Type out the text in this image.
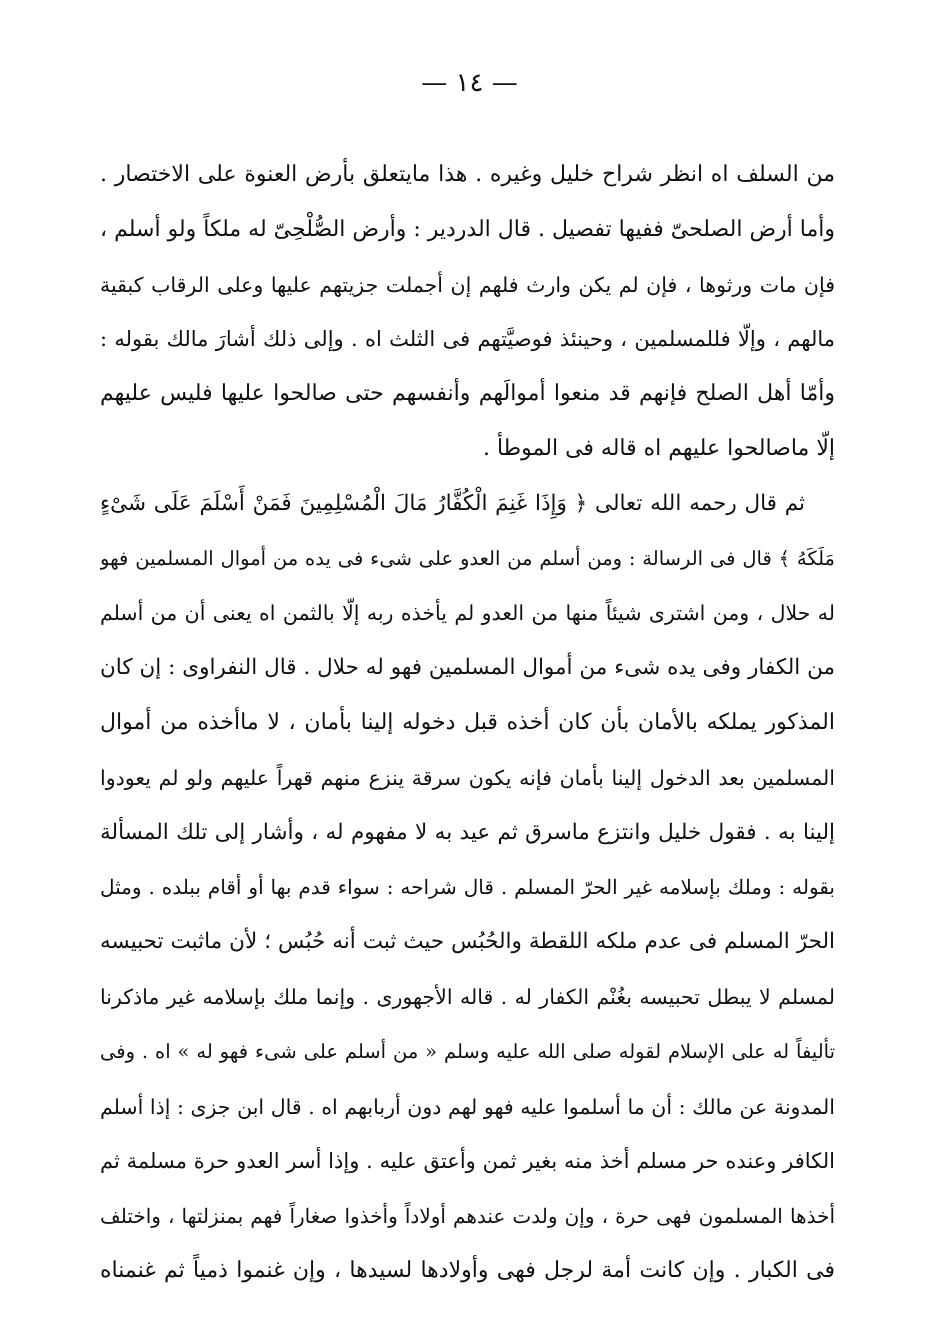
— ١٤ —
من السلف اه انظر شراح خليل وغيره . هذا مايتعلق بأرض العنوة على الاختصار .
وأما أرض الصلحىّ ففيها تفصيل . قال الدردير : وأرض الصُّلْحِىّ له ملكاً ولو أسلم ،
فإن مات ورثوها ، فإن لم يكن وارث فلهم إن أجملت جزيتهم عليها وعلى الرقاب كبقية
مالهم ، وإلّا فللمسلمين ، وحينئذ فوصيَّتهم فى الثلث اه . وإلى ذلك أشارَ مالك بقوله :
وأمّا أهل الصلح فإنهم قد منعوا أموالَهم وأنفسهم حتى صالحوا عليها فليس عليهم
إلّا ماصالحوا عليهم اه قاله فى الموطأ .
ثم قال رحمه الله تعالى ﴿ وَإِذَا غَنِمَ الْكُفَّارُ مَالَ الْمُسْلِمِينَ فَمَنْ أَسْلَمَ عَلَى شَىْءٍ
مَلَكَهُ ﴾ قال فى الرسالة : ومن أسلم من العدو على شىء فى يده من أموال المسلمين فهو
له حلال ، ومن اشترى شيئاً منها من العدو لم يأخذه ربه إلّا بالثمن اه يعنى أن من أسلم
من الكفار وفى يده شىء من أموال المسلمين فهو له حلال . قال النفراوى : إن كان
المذكور يملكه بالأمان بأن كان أخذه قبل دخوله إلينا بأمان ، لا ماأخذه من أموال
المسلمين بعد الدخول إلينا بأمان فإنه يكون سرقة ينزع منهم قهراً عليهم ولو لم يعودوا
إلينا به . فقول خليل وانتزع ماسرق ثم عيد به لا مفهوم له ، وأشار إلى تلك المسألة
بقوله : وملك بإسلامه غير الحرّ المسلم . قال شراحه : سواء قدم بها أو أقام ببلده . ومثل
الحرّ المسلم فى عدم ملكه اللقطة والحُبُس حيث ثبت أنه حُبُس ؛ لأن ماثبت تحبيسه
لمسلم لا يبطل تحبيسه بغُنْم الكفار له . قاله الأجهورى . وإنما ملك بإسلامه غير ماذكرنا
تأليفاً له على الإسلام لقوله صلى الله عليه وسلم « من أسلم على شىء فهو له » اه . وفى
المدونة عن مالك : أن ما أسلموا عليه فهو لهم دون أربابهم اه . قال ابن جزى : إذا أسلم
الكافر وعنده حر مسلم أخذ منه بغير ثمن وأعتق عليه . وإذا أسر العدو حرة مسلمة ثم
أخذها المسلمون فهى حرة ، وإن ولدت عندهم أولاداً وأخذوا صغاراً فهم بمنزلتها ، واختلف
فى الكبار . وإن كانت أمة لرجل فهى وأولادها لسيدها ، وإن غنموا ذمياً ثم غنمناه
